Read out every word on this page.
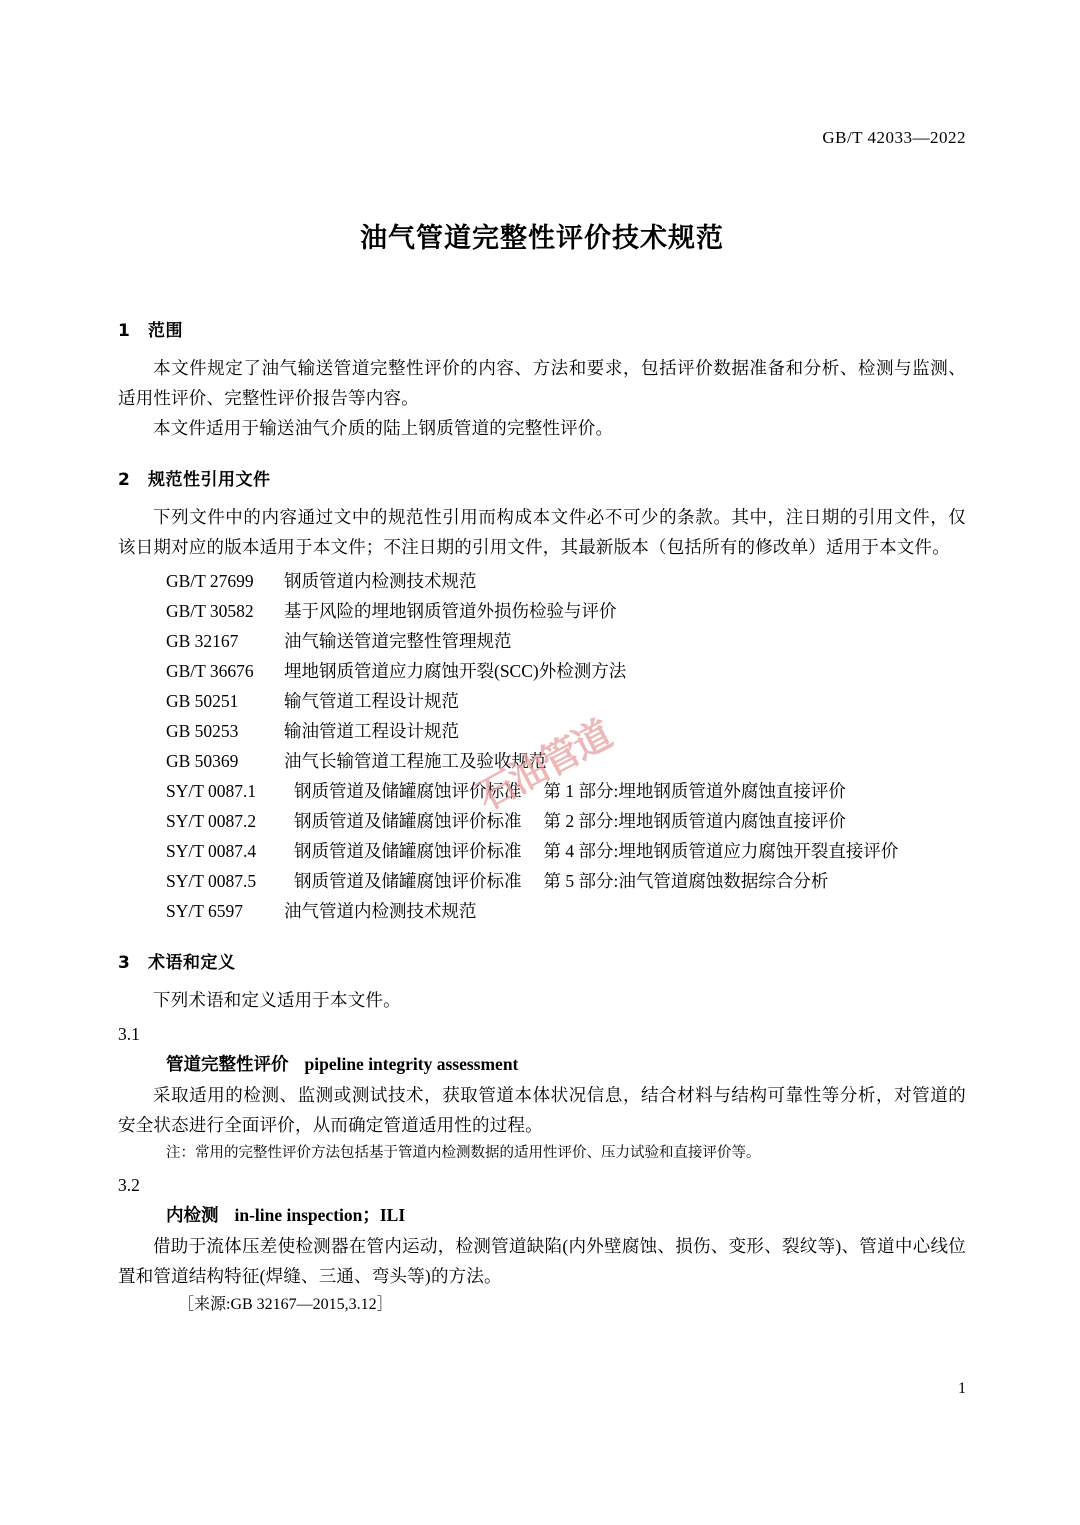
GB/T 42033—2022
油气管道完整性评价技术规范
1 范围

本文件规定了油气输送管道完整性评价的内容、方法和要求，包括评价数据准备和分析、检测与监测、适用性评价、完整性评价报告等内容。

本文件适用于输送油气介质的陆上钢质管道的完整性评价。

2 规范性引用文件

下列文件中的内容通过文中的规范性引用而构成本文件必不可少的条款。其中，注日期的引用文件，仅该日期对应的版本适用于本文件；不注日期的引用文件，其最新版本（包括所有的修改单）适用于本文件。

GB/T 27699 钢质管道内检测技术规范
GB/T 30582 基于风险的埋地钢质管道外损伤检验与评价
GB 32167	油气输送管道完整性管理规范
GB/T 36676 埋地钢质管道应力腐蚀开裂(SCC)外检测方法
GB 50251	输气管道工程设计规范
GB 50253	输油管道工程设计规范
GB 50369	油气长输管道工程施工及验收规范
SY/T 0087.1 钢质管道及储罐腐蚀评价标准 第 1 部分:埋地钢质管道外腐蚀直接评价
SY/T 0087.2 钢质管道及储罐腐蚀评价标准 第 2 部分:埋地钢质管道内腐蚀直接评价
SY/T 0087.4 钢质管道及储罐腐蚀评价标准 第 4 部分:埋地钢质管道应力腐蚀开裂直接评价
SY/T 0087.5 钢质管道及储罐腐蚀评价标准 第 5 部分:油气管道腐蚀数据综合分析
SY/T 6597 油气管道内检测技术规范
3 术语和定义

下列术语和定义适用于本文件。

3.1

管道完整性评价 pipeline integrity assessment

采取适用的检测、监测或测试技术，获取管道本体状况信息，结合材料与结构可靠性等分析，对管道的安全状态进行全面评价，从而确定管道适用性的过程。

注：常用的完整性评价方法包括基于管道内检测数据的适用性评价、压力试验和直接评价等。

3.2

内检测 in-line inspection；ILI

借助于流体压差使检测器在管内运动，检测管道缺陷(内外壁腐蚀、损伤、变形、裂纹等)、管道中心线位置和管道结构特征(焊缝、三通、弯头等)的方法。

［来源:GB 32167—2015,3.12］

1
石油管道
